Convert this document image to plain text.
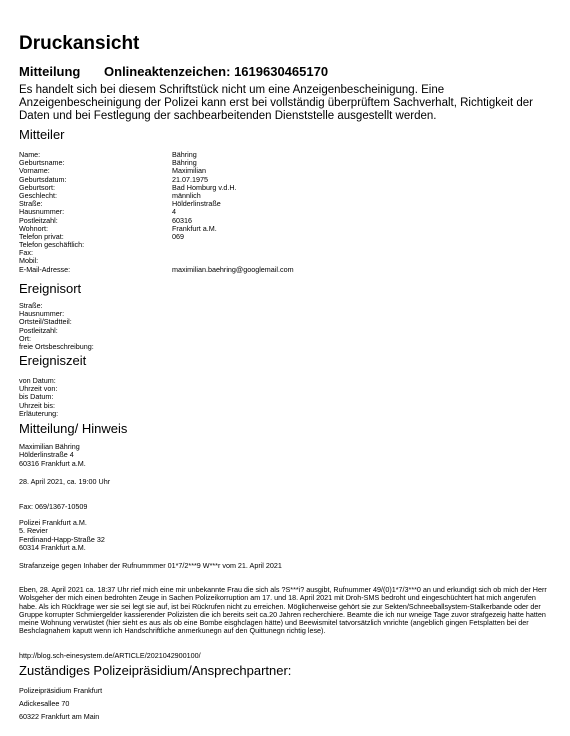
Druckansicht
Mitteilung Onlineaktenzeichen: 1619630465170
Es handelt sich bei diesem Schriftstück nicht um eine Anzeigenbescheinigung. Eine Anzeigenbescheinigung der Polizei kann erst bei vollständig überprüftem Sachverhalt, Richtigkeit der Daten und bei Festlegung der sachbearbeitenden Dienststelle ausgestellt werden.
Mitteiler
Name:	Bähring
Geburtsname:	Bähring
Vorname:	Maximilian
Geburtsdatum:	21.07.1975
Geburtsort:	Bad Homburg v.d.H.
Geschlecht:	männlich
Straße:	Hölderlinstraße
Hausnummer:	4
Postleitzahl:	60316
Wohnort:	Frankfurt a.M.
Telefon privat:	069
Telefon geschäftlich:
Fax:
Mobil:
E-Mail-Adresse:	maximilian.baehring@googlemail.com
Ereignisort
Straße:
Hausnummer:
Ortsteil/Stadtteil:
Postleitzahl:
Ort:
freie Ortsbeschreibung:
Ereigniszeit
von Datum:
Uhrzeit von:
bis Datum:
Uhrzeit bis:
Erläuterung:
Mitteilung/ Hinweis

Maximilian Bähring

Hölderlinstraße 4

60316 Frankfurt a.M.

28. April 2021, ca. 19:00 Uhr
Fax: 069/1367-10509

Polizei Frankfurt a.M.

5. Revier

Ferdinand-Happ-Straße 32

60314 Frankfurt a.M.

Strafanzeige gegen Inhaber der Rufnummmer 01*7/2***9 W***r vom 21. April 2021
Eben, 28. April 2021 ca. 18:37 Uhr rief mich eine mir unbekannte Frau die sich als ?S***i? ausgibt, Rufnummer 49/(0)1*7/3***0 an und erkundigt sich ob mich der Herr Wolsgeher der mich einen bedrohten Zeuge in Sachen Polizeikorruption am 17. und 18. April 2021 mit Droh-SMS bedroht und eingeschüchtert hat mich angerufen habe. Als ich Rückfrage wer sie sei legt sie auf, ist bei Rückrufen nicht zu erreichen. Möglicherweise gehört sie zur Sekten/Schneeballsystem-Stalkerbande oder der Gruppe korrupter Schmiergelder kassierender Polizisten die ich bereits seit ca.20 Jahren recherchiere. Beamte die ich nur wneige Tage zuvor strafgezeig hatte hatten meine Wohnung verwüstet (hier sieht es aus als ob eine Bombe eisghclagen hätte) und Beewismitel tatvorsätzlich vnrichte (angeblich gingen Fetsplatten bei der Beshclagnahem kaputt wenn ich Handschriftliche anmerkunegn auf den Quittunegn richtig lese).
http://blog.sch-einesystem.de/ARTICLE/2021042900100/
Zuständiges Polizeipräsidium/Ansprechpartner:
Polizeipräsidium Frankfurt
Adickesallee 70
60322 Frankfurt am Main
